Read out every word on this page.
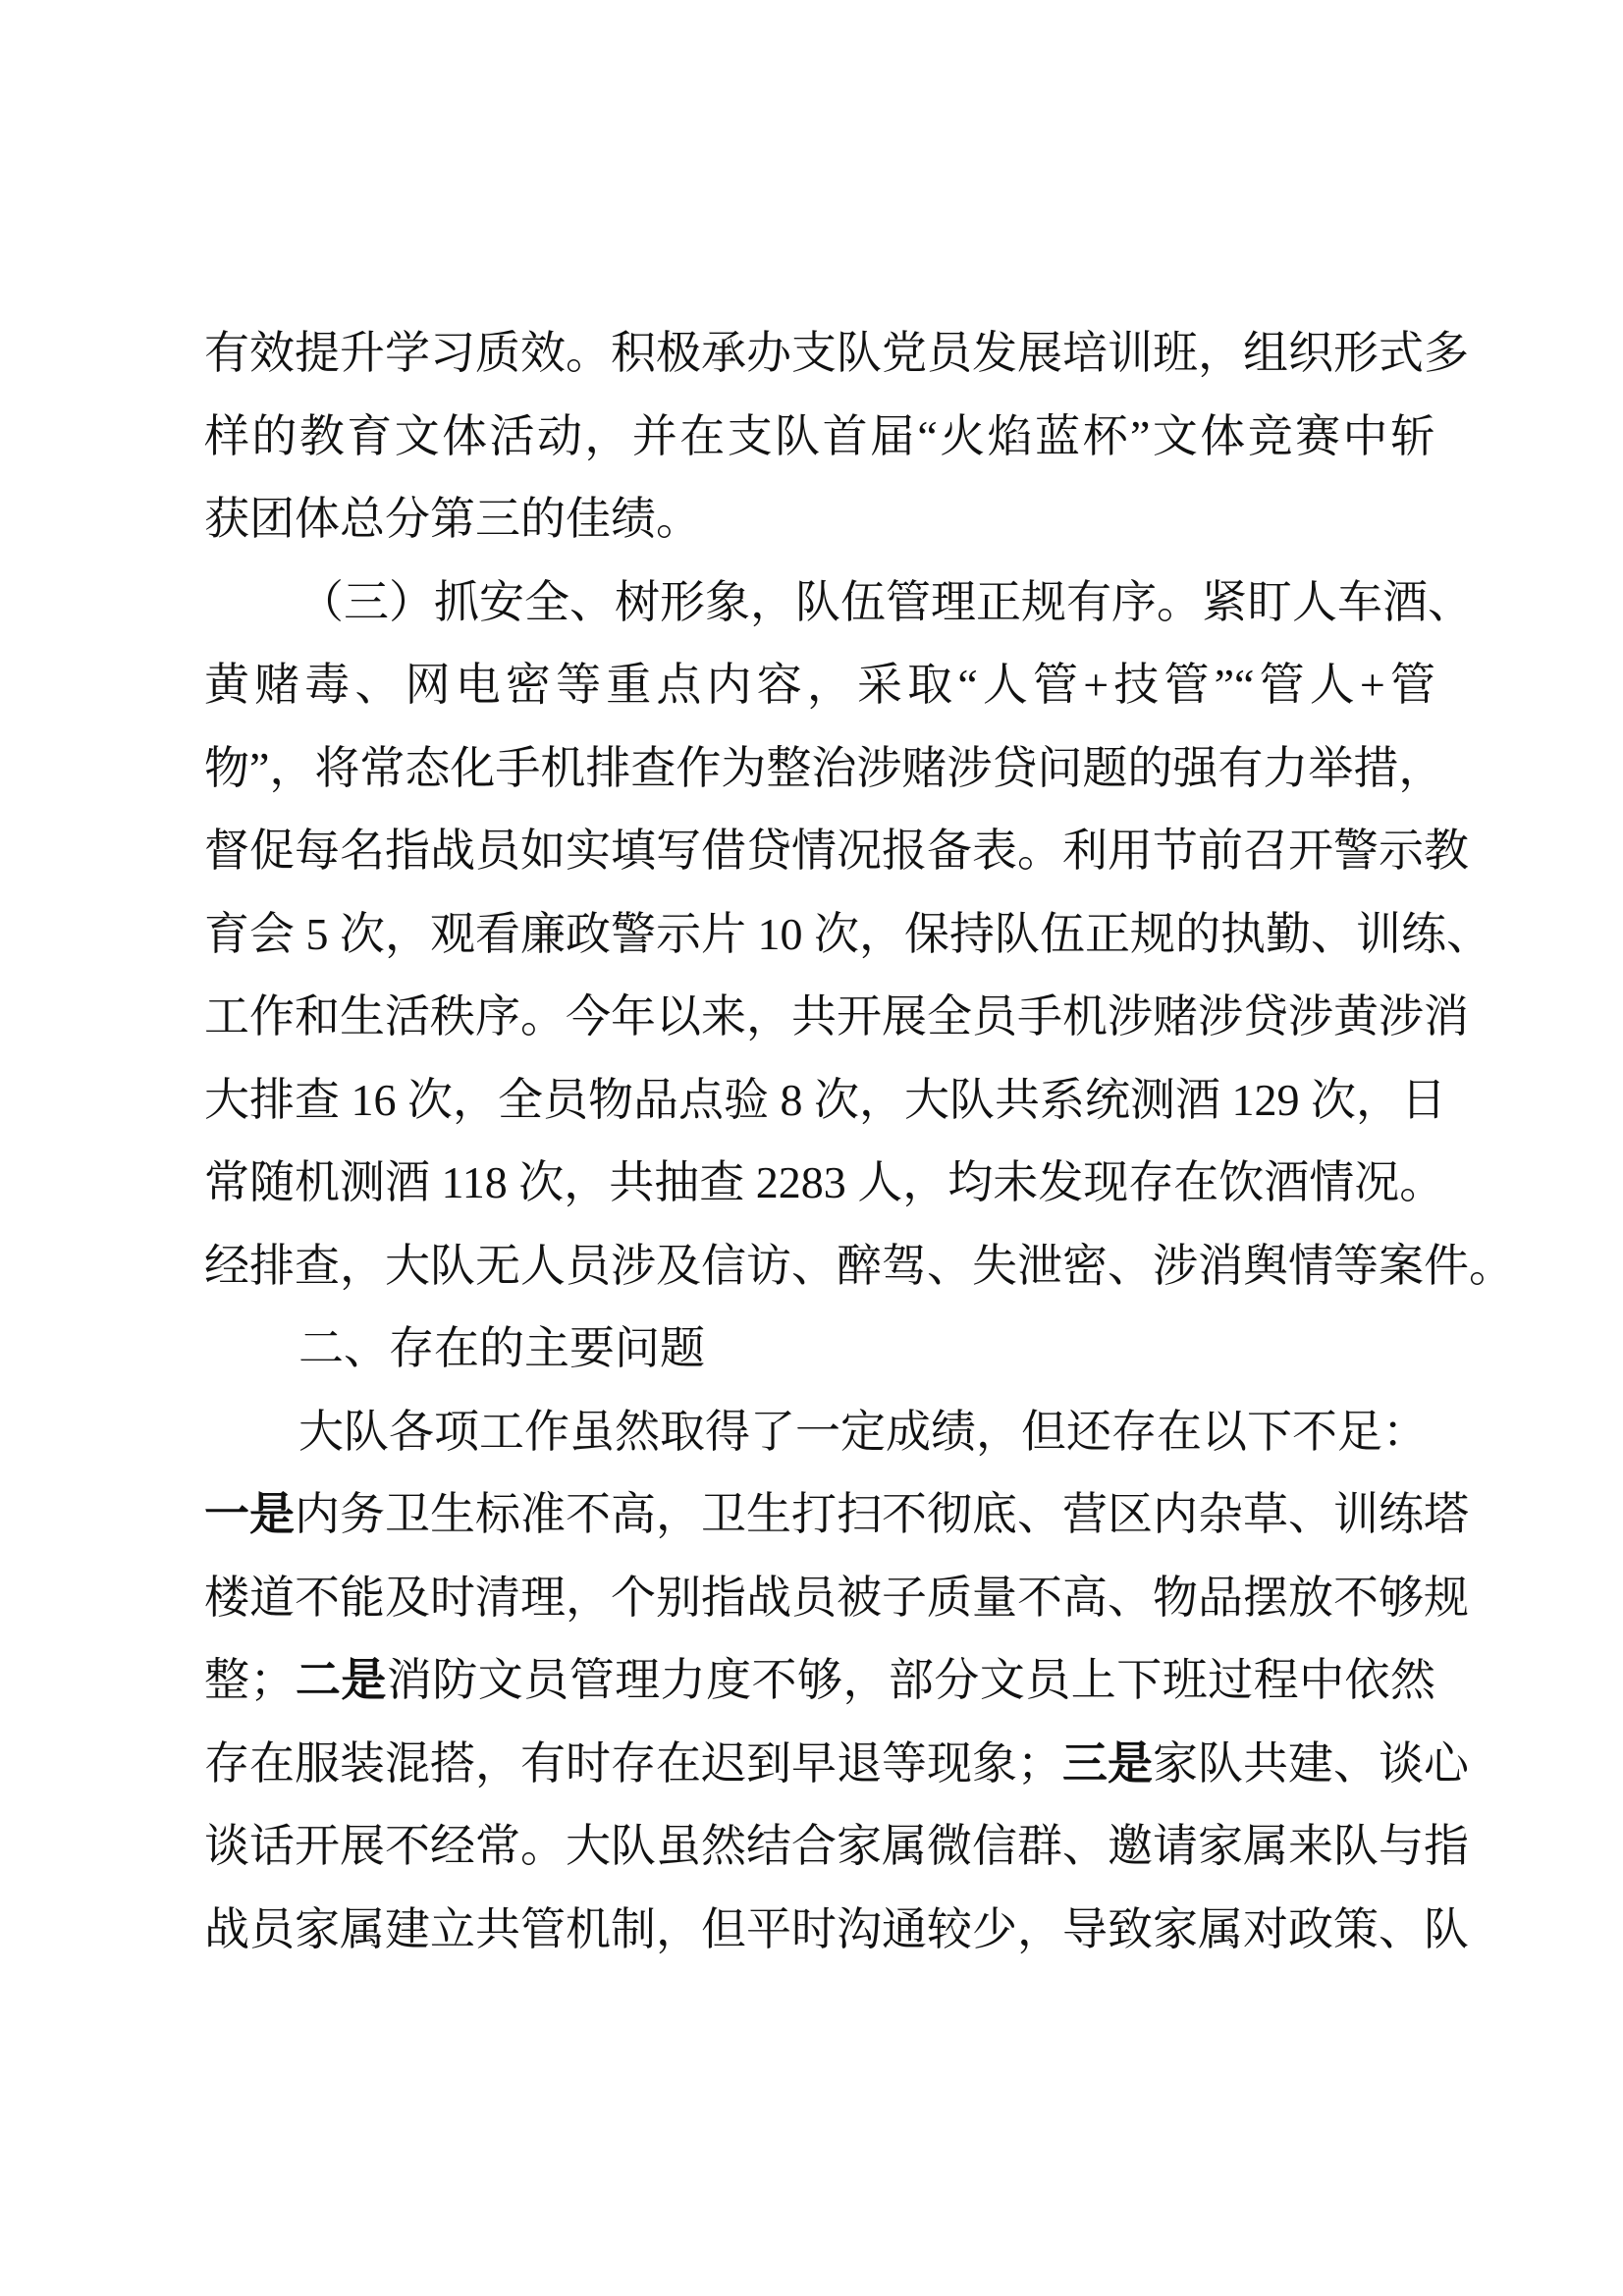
有效提升学习质效。积极承办支队党员发展培训班，组织形式多
样的教育文体活动，并在支队首届“火焰蓝杯”文体竞赛中斩
获团体总分第三的佳绩。
（三）抓安全、树形象，队伍管理正规有序。紧盯人车酒、
黄赌毒、网电密等重点内容，采取“人管+技管”“管人+管
物”，将常态化手机排查作为整治涉赌涉贷问题的强有力举措，
督促每名指战员如实填写借贷情况报备表。利用节前召开警示教
育会 5 次，观看廉政警示片 10 次，保持队伍正规的执勤、训练、
工作和生活秩序。今年以来，共开展全员手机涉赌涉贷涉黄涉消
大排查 16 次，全员物品点验 8 次，大队共系统测酒 129 次，日
常随机测酒 118 次，共抽查 2283 人，均未发现存在饮酒情况。
经排查，大队无人员涉及信访、醉驾、失泄密、涉消舆情等案件。
二、存在的主要问题
大队各项工作虽然取得了一定成绩，但还存在以下不足：
一是内务卫生标准不高，卫生打扫不彻底、营区内杂草、训练塔
楼道不能及时清理，个别指战员被子质量不高、物品摆放不够规
整；二是消防文员管理力度不够，部分文员上下班过程中依然
存在服装混搭，有时存在迟到早退等现象；三是家队共建、谈心
谈话开展不经常。大队虽然结合家属微信群、邀请家属来队与指
战员家属建立共管机制，但平时沟通较少，导致家属对政策、队
